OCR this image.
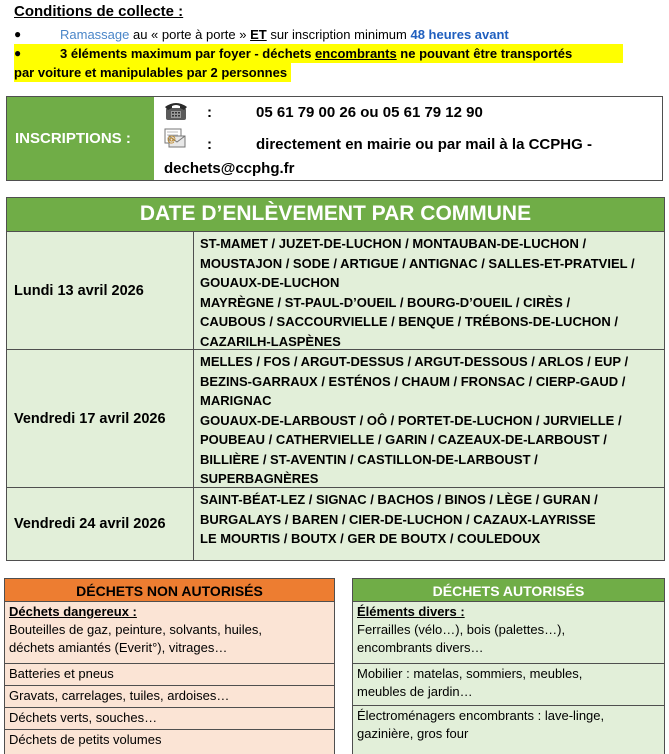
Conditions de collecte :
●	Ramassage au « porte à porte » ET sur inscription minimum 48 heures avant
●	3 éléments maximum par foyer - déchets encombrants ne pouvant être transportés
par voiture et manipulables par 2 personnes
INSCRIPTIONS :	@
:	05 61 79 00 26 ou 05 61 79 12 90
:	directement en mairie ou par mail à la CCPHG -
dechets@ccphg.fr
DATE D’ENLÈVEMENT PAR COMMUNE
Lundi 13 avril 2026
ST-MAMET / JUZET-DE-LUCHON / MONTAUBAN-DE-LUCHON /
MOUSTAJON / SODE / ARTIGUE / ANTIGNAC / SALLES-ET-PRATVIEL /
GOUAUX-DE-LUCHON
MAYRÈGNE / ST-PAUL-D’OUEIL / BOURG-D’OUEIL / CIRÈS /
CAUBOUS / SACCOURVIELLE / BENQUE / TRÉBONS-DE-LUCHON /
CAZARILH-LASPÈNES
Vendredi 17 avril 2026
MELLES / FOS / ARGUT-DESSUS / ARGUT-DESSOUS / ARLOS / EUP /
BEZINS-GARRAUX / ESTÉNOS / CHAUM / FRONSAC / CIERP-GAUD /
MARIGNAC
GOUAUX-DE-LARBOUST / OÔ / PORTET-DE-LUCHON / JURVIELLE /
POUBEAU / CATHERVIELLE / GARIN / CAZEAUX-DE-LARBOUST /
BILLIÈRE / ST-AVENTIN / CASTILLON-DE-LARBOUST /
SUPERBAGNÈRES
Vendredi 24 avril 2026
SAINT-BÉAT-LEZ / SIGNAC / BACHOS / BINOS / LÈGE / GURAN /
BURGALAYS / BAREN / CIER-DE-LUCHON / CAZAUX-LAYRISSE
LE MOURTIS / BOUTX / GER DE BOUTX / COULEDOUX
DÉCHETS NON AUTORISÉS
Déchets dangereux :
Bouteilles de gaz, peinture, solvants, huiles,
déchets amiantés (Everit°), vitrages…
Batteries et pneus
Gravats, carrelages, tuiles, ardoises…
Déchets verts, souches…
Déchets de petits volumes
DÉCHETS AUTORISÉS
Éléments divers :
Ferrailles (vélo…), bois (palettes…),
encombrants divers…
Mobilier : matelas, sommiers, meubles,
meubles de jardin…
Électroménagers encombrants : lave-linge,
gazinière, gros four
